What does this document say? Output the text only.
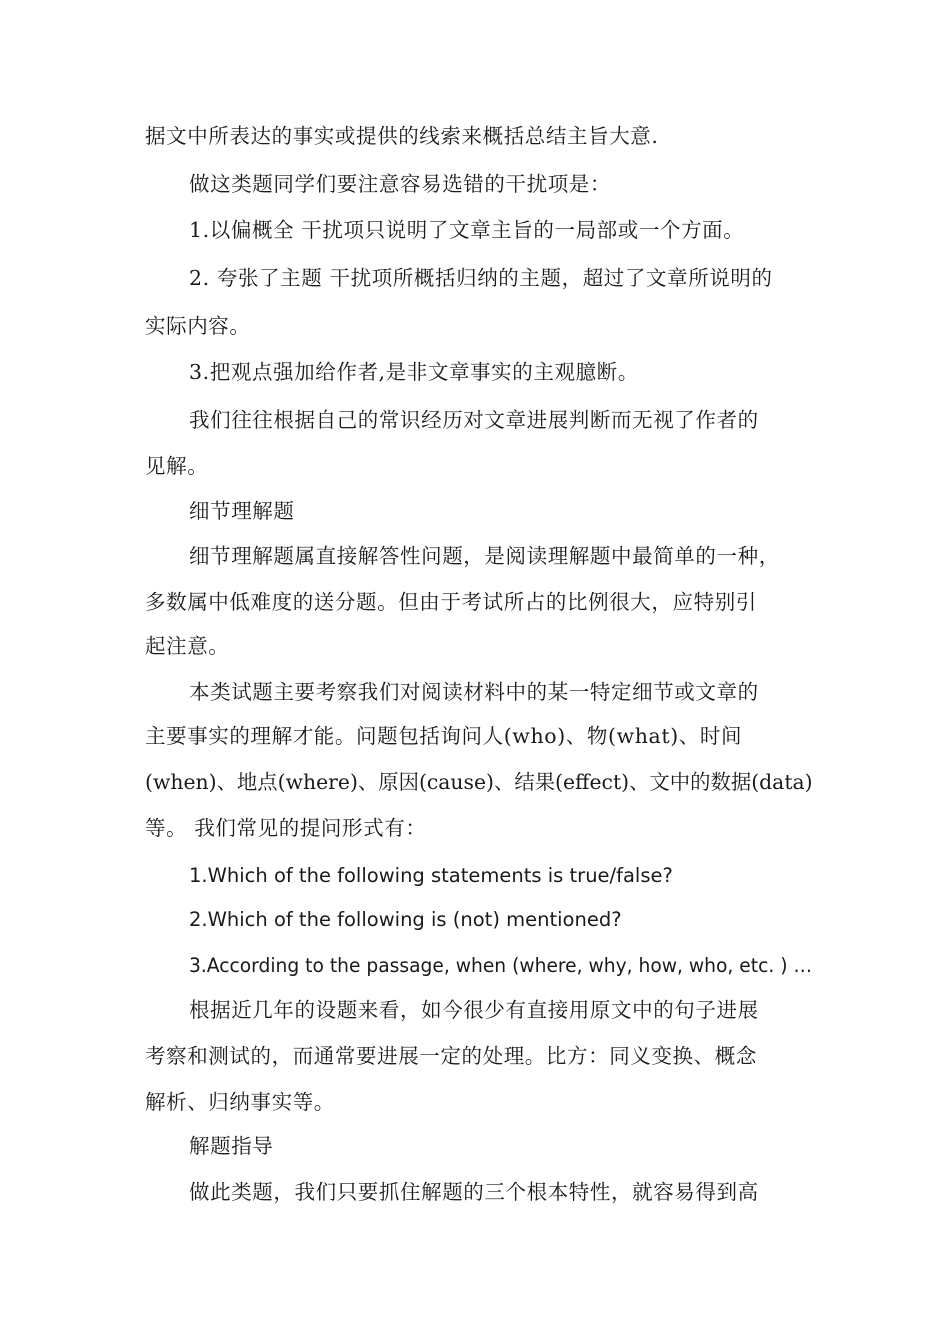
据文中所表达的事实或提供的线索来概括总结主旨大意.
做这类题同学们要注意容易选错的干扰项是：
1.以偏概全 干扰项只说明了文章主旨的一局部或一个方面。
2. 夸张了主题 干扰项所概括归纳的主题，超过了文章所说明的
实际内容。
3.把观点强加给作者,是非文章事实的主观臆断。
我们往往根据自己的常识经历对文章进展判断而无视了作者的
见解。
细节理解题
细节理解题属直接解答性问题，是阅读理解题中最简单的一种，
多数属中低难度的送分题。但由于考试所占的比例很大，应特别引
起注意。
本类试题主要考察我们对阅读材料中的某一特定细节或文章的
主要事实的理解才能。问题包括询问人(who)、物(what)、时间
(when)、地点(where)、原因(cause)、结果(effect)、文中的数据(data)
等。 我们常见的提问形式有：
1.Which of the following statements is true/false?
2.Which of the following is (not) mentioned?
3.According to the passage, when (where, why, how, who, etc. ) …
根据近几年的设题来看，如今很少有直接用原文中的句子进展
考察和测试的，而通常要进展一定的处理。比方：同义变换、概念
解析、归纳事实等。
解题指导
做此类题，我们只要抓住解题的三个根本特性，就容易得到高
